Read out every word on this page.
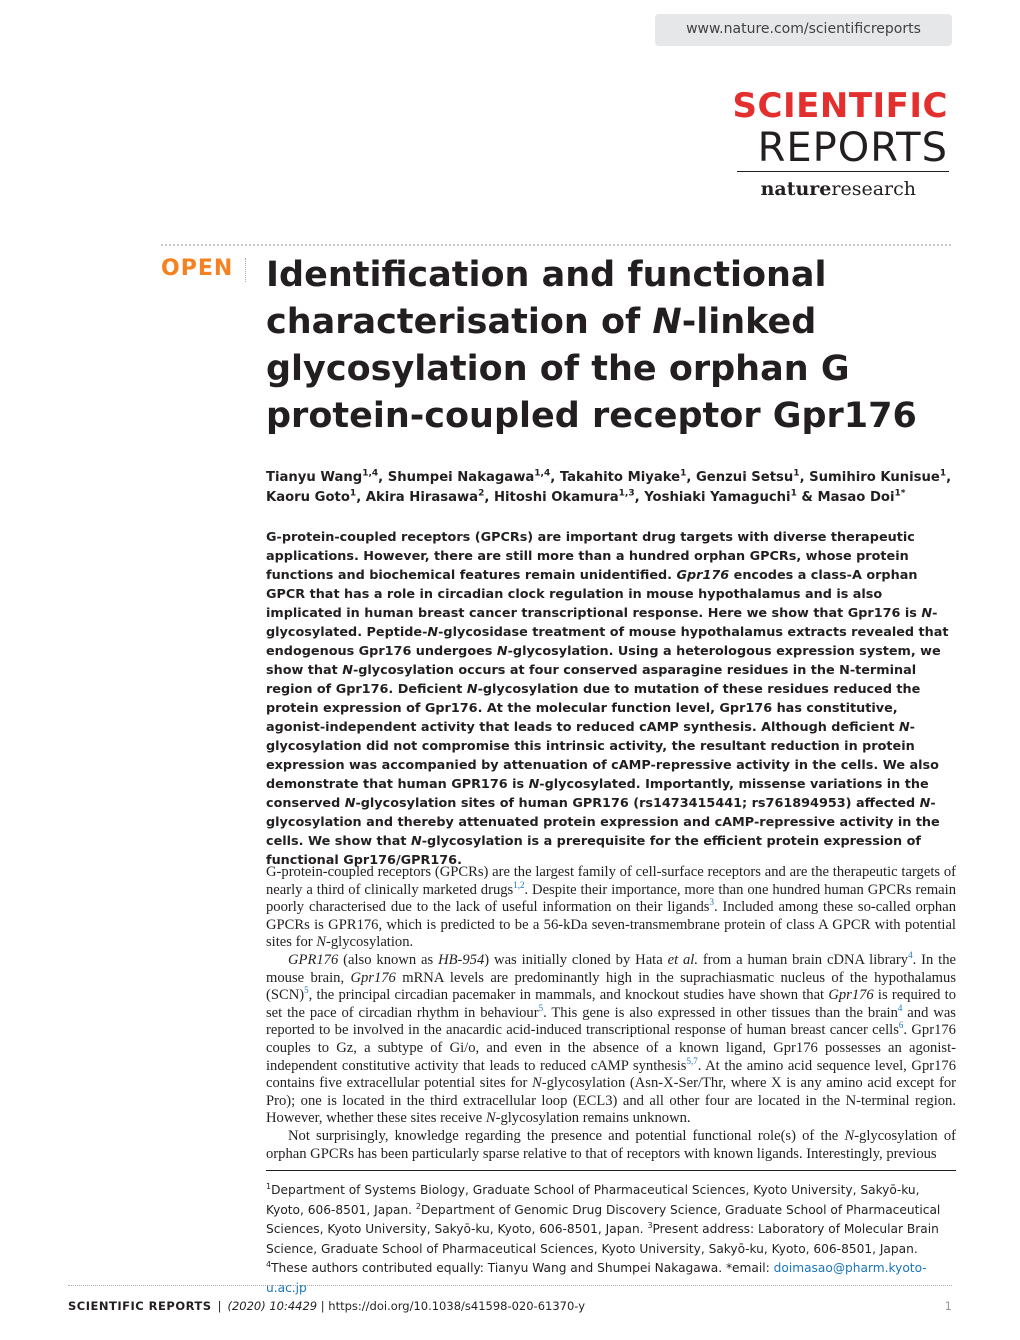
www.nature.com/scientificreports
SCIENTIFIC
REPORTS
natureresearch
OPEN Identification and functional characterisation of N-linked glycosylation of the orphan G protein-coupled receptor Gpr176
Tianyu Wang$^{1,4}$, Shumpei Nakagawa$^{1,4}$, Takahito Miyake$^1$, Genzui Setsu$^1$, Sumihiro Kunisue$^1$, Kaoru Goto$^1$, Akira Hirasawa$^2$, Hitoshi Okamura$^{1,3}$, Yoshiaki Yamaguchi$^1$ & Masao Doi$^{1*}$

G-protein-coupled receptors (GPCRs) are important drug targets with diverse therapeutic applications. However, there are still more than a hundred orphan GPCRs, whose protein functions and biochemical features remain unidentified. Gpr176 encodes a class-A orphan GPCR that has a role in circadian clock regulation in mouse hypothalamus and is also implicated in human breast cancer transcriptional response. Here we show that Gpr176 is N-glycosylated. Peptide-N-glycosidase treatment of mouse hypothalamus extracts revealed that endogenous Gpr176 undergoes N-glycosylation. Using a heterologous expression system, we show that N-glycosylation occurs at four conserved asparagine residues in the N-terminal region of Gpr176. Deficient N-glycosylation due to mutation of these residues reduced the protein expression of Gpr176. At the molecular function level, Gpr176 has constitutive, agonist-independent activity that leads to reduced cAMP synthesis. Although deficient N-glycosylation did not compromise this intrinsic activity, the resultant reduction in protein expression was accompanied by attenuation of cAMP-repressive activity in the cells. We also demonstrate that human GPR176 is N-glycosylated. Importantly, missense variations in the conserved N-glycosylation sites of human GPR176 (rs1473415441; rs761894953) affected N-glycosylation and thereby attenuated protein expression and cAMP-repressive activity in the cells. We show that N-glycosylation is a prerequisite for the efficient protein expression of functional Gpr176/GPR176.

G-protein-coupled receptors (GPCRs) are the largest family of cell-surface receptors and are the therapeutic targets of nearly a third of clinically marketed drugs$^{1,2}$. Despite their importance, more than one hundred human GPCRs remain poorly characterised due to the lack of useful information on their ligands$^3$. Included among these so-called orphan GPCRs is GPR176, which is predicted to be a 56-kDa seven-transmembrane protein of class A GPCR with potential sites for N-glycosylation.

GPR176 (also known as HB-954) was initially cloned by Hata et al. from a human brain cDNA library$^4$. In the mouse brain, Gpr176 mRNA levels are predominantly high in the suprachiasmatic nucleus of the hypothalamus (SCN)$^5$, the principal circadian pacemaker in mammals, and knockout studies have shown that Gpr176 is required to set the pace of circadian rhythm in behaviour$^5$. This gene is also expressed in other tissues than the brain$^4$ and was reported to be involved in the anacardic acid-induced transcriptional response of human breast cancer cells$^6$. Gpr176 couples to Gz, a subtype of Gi/o, and even in the absence of a known ligand, Gpr176 possesses an agonist-independent constitutive activity that leads to reduced cAMP synthesis$^{5,7}$. At the amino acid sequence level, Gpr176 contains five extracellular potential sites for N-glycosylation (Asn-X-Ser/Thr, where X is any amino acid except for Pro); one is located in the third extracellular loop (ECL3) and all other four are located in the N-terminal region. However, whether these sites receive N-glycosylation remains unknown.

Not surprisingly, knowledge regarding the presence and potential functional role(s) of the N-glycosylation of orphan GPCRs has been particularly sparse relative to that of receptors with known ligands. Interestingly, previous

$^1$Department of Systems Biology, Graduate School of Pharmaceutical Sciences, Kyoto University, Sakyō-ku, Kyoto, 606-8501, Japan. $^2$Department of Genomic Drug Discovery Science, Graduate School of Pharmaceutical Sciences, Kyoto University, Sakyō-ku, Kyoto, 606-8501, Japan. $^3$Present address: Laboratory of Molecular Brain Science, Graduate School of Pharmaceutical Sciences, Kyoto University, Sakyō-ku, Kyoto, 606-8501, Japan. $^4$These authors contributed equally: Tianyu Wang and Shumpei Nakagawa. *email: doimasao@pharm.kyoto-u.ac.jp

SCIENTIFIC REPORTS | (2020) 10:4429 | https://doi.org/10.1038/s41598-020-61370-y	1
